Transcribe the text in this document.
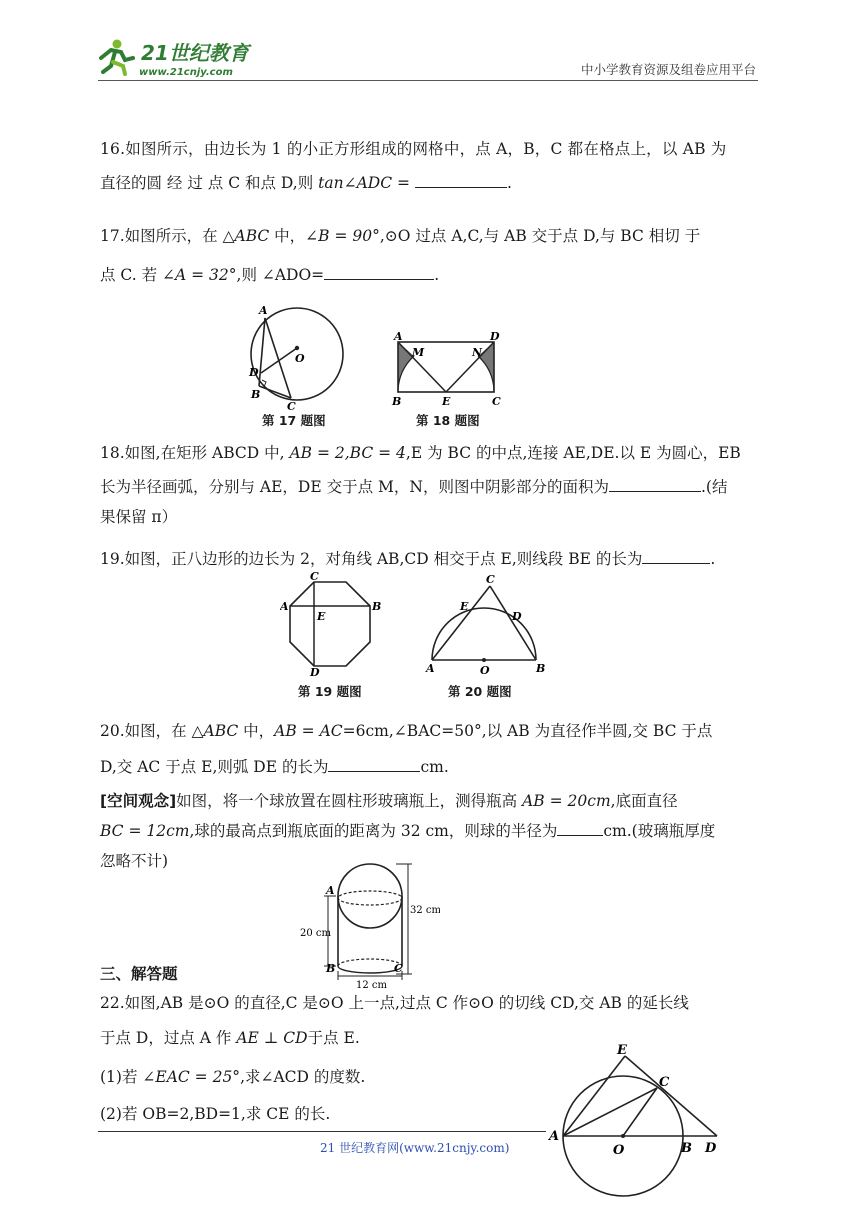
21世纪教育
www.21cnjy.com	中小学教育资源及组卷应用平台
16.如图所示，由边长为 1 的小正方形组成的网格中，点 A，B，C 都在格点上，以 AB 为
直径的圆 经 过 点 C 和点 D,则 tan∠ADC =	.
17.如图所示，在 △ABC 中，∠B = 90°,⊙O 过点 A,C,与 AB 交于点 D,与 BC 相切 于
点 C. 若 ∠A = 32°,则 ∠ADO=	.
A
O
D
B
C
第 17 题图
A
M	N
D
B	E	C
第 18 题图
18.如图,在矩形 ABCD 中, AB = 2,BC = 4,E 为 BC 的中点,连接 AE,DE.以 E 为圆心，EB
长为半径画弧，分别与 AE，DE 交于点 M，N，则图中阴影部分的面积为	.(结
果保留 π）
19.如图，正八边形的边长为 2，对角线 AB,CD 相交于点 E,则线段 BE 的长为	.
C
A
E
B
D
第 19 题图
C
E
D
A	O	B
第 20 题图
20.如图，在 △ABC 中，AB = AC=6cm,∠BAC=50°,以 AB 为直径作半圆,交 BC 于点
D,交 AC 于点 E,则弧 DE 的长为	cm.
[空间观念]如图，将一个球放置在圆柱形玻璃瓶上，测得瓶高 AB = 20cm,底面直径
BC = 12cm,球的最高点到瓶底面的距离为 32 cm，则球的半径为	cm.(玻璃瓶厚度
忽略不计)
A
B	C
32 cm
20 cm
12 cm
三、解答题
22.如图,AB 是⊙O 的直径,C 是⊙O 上一点,过点 C 作⊙O 的切线 CD,交 AB 的延长线
于点 D，过点 A 作 AE ⊥ CD于点 E.
(1)若 ∠EAC = 25°,求∠ACD 的度数.
(2)若 OB=2,BD=1,求 CE 的长.
E
C
A
O	B D
21 世纪教育网(www.21cnjy.com)
